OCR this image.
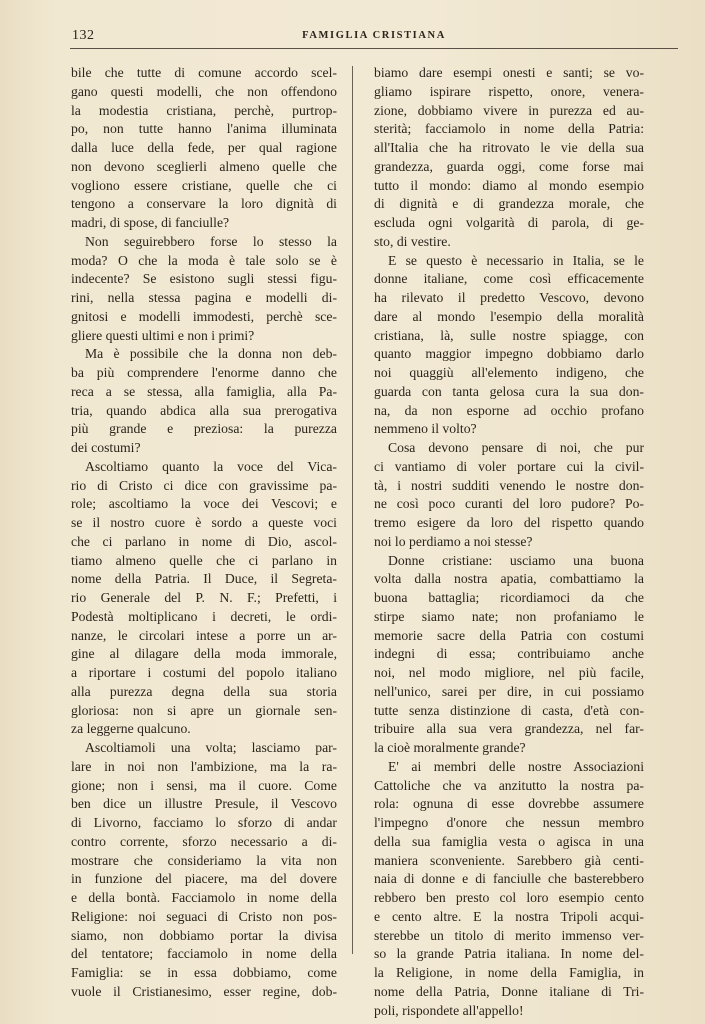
132	FAMIGLIA CRISTIANA
bile che tutte di comune accordo scel-
gano questi modelli, che non offendono
la modestia cristiana, perchè, purtrop-
po, non tutte hanno l'anima illuminata
dalla luce della fede, per qual ragione
non devono sceglierli almeno quelle che
vogliono essere cristiane, quelle che ci
tengono a conservare la loro dignità di
madri, di spose, di fanciulle?
Non seguirebbero forse lo stesso la
moda? O che la moda è tale solo se è
indecente? Se esistono sugli stessi figu-
rini, nella stessa pagina e modelli di-
gnitosi e modelli immodesti, perchè sce-
gliere questi ultimi e non i primi?
Ma è possibile che la donna non deb-
ba più comprendere l'enorme danno che
reca a se stessa, alla famiglia, alla Pa-
tria, quando abdica alla sua prerogativa
più grande e preziosa: la purezza
dei costumi?
Ascoltiamo quanto la voce del Vica-
rio di Cristo ci dice con gravissime pa-
role; ascoltiamo la voce dei Vescovi; e
se il nostro cuore è sordo a queste voci
che ci parlano in nome di Dio, ascol-
tiamo almeno quelle che ci parlano in
nome della Patria. Il Duce, il Segreta-
rio Generale del P. N. F.; Prefetti, i
Podestà moltiplicano i decreti, le ordi-
nanze, le circolari intese a porre un ar-
gine al dilagare della moda immorale,
a riportare i costumi del popolo italiano
alla purezza degna della sua storia
gloriosa: non si apre un giornale sen-
za leggerne qualcuno.
Ascoltiamoli una volta; lasciamo par-
lare in noi non l'ambizione, ma la ra-
gione; non i sensi, ma il cuore. Come
ben dice un illustre Presule, il Vescovo
di Livorno, facciamo lo sforzo di andar
contro corrente, sforzo necessario a di-
mostrare che consideriamo la vita non
in funzione del piacere, ma del dovere
e della bontà. Facciamolo in nome della
Religione: noi seguaci di Cristo non pos-
siamo, non dobbiamo portar la divisa
del tentatore; facciamolo in nome della
Famiglia: se in essa dobbiamo, come
vuole il Cristianesimo, esser regine, dob-
biamo dare esempi onesti e santi; se vo-
gliamo ispirare rispetto, onore, venera-
zione, dobbiamo vivere in purezza ed au-
sterità; facciamolo in nome della Patria:
all'Italia che ha ritrovato le vie della sua
grandezza, guarda oggi, come forse mai
tutto il mondo: diamo al mondo esempio
di dignità e di grandezza morale, che
escluda ogni volgarità di parola, di ge-
sto, di vestire.
E se questo è necessario in Italia, se le
donne italiane, come così efficacemente
ha rilevato il predetto Vescovo, devono
dare al mondo l'esempio della moralità
cristiana, là, sulle nostre spiagge, con
quanto maggior impegno dobbiamo darlo
noi quaggiù all'elemento indigeno, che
guarda con tanta gelosa cura la sua don-
na, da non esporne ad occhio profano
nemmeno il volto?
Cosa devono pensare di noi, che pur
ci vantiamo di voler portare cui la civil-
tà, i nostri sudditi venendo le nostre don-
ne così poco curanti del loro pudore? Po-
tremo esigere da loro del rispetto quando
noi lo perdiamo a noi stesse?
Donne cristiane: usciamo una buona
volta dalla nostra apatia, combattiamo la
buona battaglia; ricordiamoci da che
stirpe siamo nate; non profaniamo le
memorie sacre della Patria con costumi
indegni di essa; contribuiamo anche
noi, nel modo migliore, nel più facile,
nell'unico, sarei per dire, in cui possiamo
tutte senza distinzione di casta, d'età con-
tribuire alla sua vera grandezza, nel far-
la cioè moralmente grande?
E' ai membri delle nostre Associazioni
Cattoliche che va anzitutto la nostra pa-
rola: ognuna di esse dovrebbe assumere
l'impegno d'onore che nessun membro
della sua famiglia vesta o agisca in una
maniera sconveniente. Sarebbero già centi-
naia di donne e di fanciulle che basterebbero
rebbero ben presto col loro esempio cento
e cento altre. E la nostra Tripoli acqui-
sterebbe un titolo di merito immenso ver-
so la grande Patria italiana. In nome del-
la Religione, in nome della Famiglia, in
nome della Patria, Donne italiane di Tri-
poli, rispondete all'appello!
